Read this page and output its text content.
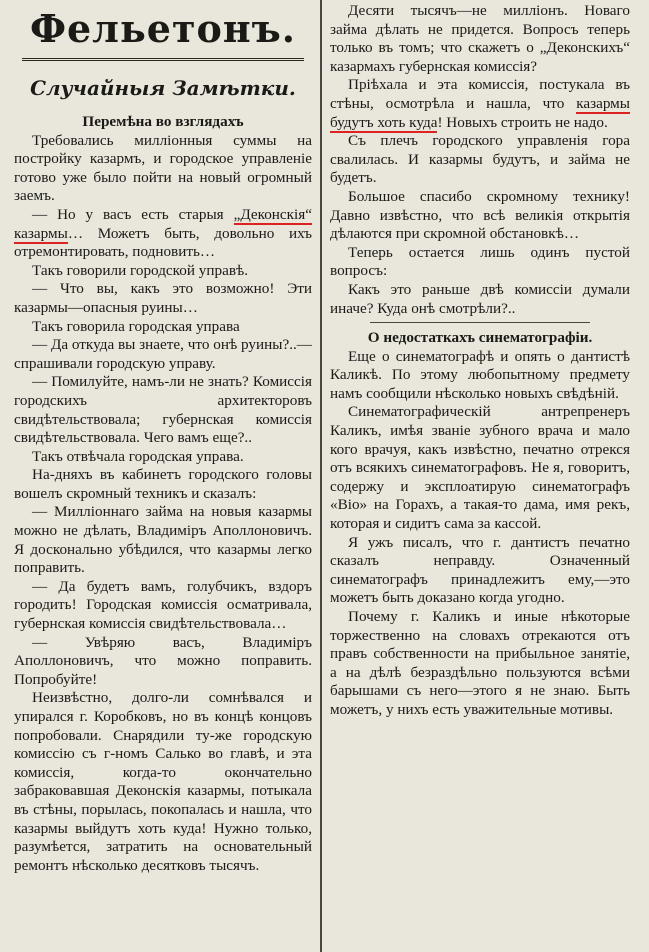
Фельетонъ.
Случайныя Замѣтки.
Перемѣна во взглядахъ

Требовались милліонныя суммы на постройку казармъ, и городское управленіе готово уже было пойти на новый огромный заемъ.

— Но у васъ есть старыя „Деконскія“ казармы… Можетъ быть, довольно ихъ отремонтировать, подновить…

Такъ говорили городской управѣ.

— Что вы, какъ это возможно! Эти казармы—опасныя руины…

Такъ говорила городская управа

— Да откуда вы знаете, что онѣ руины?..—спрашивали городскую управу.

— Помилуйте, намъ-ли не знать? Комиссія городскихъ архитекторовъ свидѣтельствовала; губернская комиссія свидѣтельствовала. Чего вамъ еще?..

Такъ отвѣчала городская управа.

На-дняхъ въ кабинетъ городского головы вошелъ скромный техникъ и сказалъ:

— Милліоннаго займа на новыя казармы можно не дѣлать, Владиміръ Аполлоновичъ. Я досконально убѣдился, что казармы легко поправить.

— Да будетъ вамъ, голубчикъ, вздоръ городить! Городская комиссія осматривала, губернская комиссія свидѣтельствовала…

— Увѣряю васъ, Владиміръ Аполлоновичъ, что можно поправить. Попробуйте!

Неизвѣстно, долго-ли сомнѣвался и упирался г. Коробковъ, но въ концѣ концовъ попробовали. Снарядили ту-же городскую комиссію съ г-номъ Салько во главѣ, и эта комиссія, когда-то окончательно забраковавшая Деконскія казармы, потыкала въ стѣны, порылась, покопалась и нашла, что казармы выйдутъ хоть куда! Нужно только, разумѣется, затратить на основательный ремонтъ нѣсколько десятковъ тысячъ.

Десяти тысячъ—не милліонъ. Новаго займа дѣлать не придется. Вопросъ теперь только въ томъ; что скажетъ о „Деконскихъ“ казармахъ губернская комиссія?

Пріѣхала и эта комиссія, постукала въ стѣны, осмотрѣла и нашла, что казармы будутъ хоть куда! Новыхъ строить не надо.

Съ плечъ городского управленія гора свалилась. И казармы будутъ, и займа не будетъ.

Большое спасибо скромному технику! Давно извѣстно, что всѣ великія открытія дѣлаются при скромной обстановкѣ…

Теперь остается лишь одинъ пустой вопросъ:

Какъ это раньше двѣ комиссіи думали иначе? Куда онѣ смотрѣли?..

О недостаткахъ синематографіи.

Еще о синематографѣ и опять о дантистѣ Каликѣ. По этому любопытному предмету намъ сообщили нѣсколько новыхъ свѣдѣній.

Синематографическій антрепренеръ Каликъ, имѣя званіе зубного врача и мало кого врачуя, какъ извѣстно, печатно отрекся отъ всякихъ синематографовъ. Не я, говоритъ, содержу и эксплоатирую синематографъ «Віо» на Горахъ, а такая-то дама, имя рекъ, которая и сидитъ сама за кассой.

Я ужъ писалъ, что г. дантистъ печатно сказалъ неправду. Означенный синематографъ принадлежитъ ему,—это можетъ быть доказано когда угодно.

Почему г. Каликъ и иные нѣкоторые торжественно на словахъ отрекаются отъ правъ собственности на прибыльное занятіе, а на дѣлѣ безраздѣльно пользуются всѣми барышами съ него—этого я не знаю. Быть можетъ, у нихъ есть уважительные мотивы.
